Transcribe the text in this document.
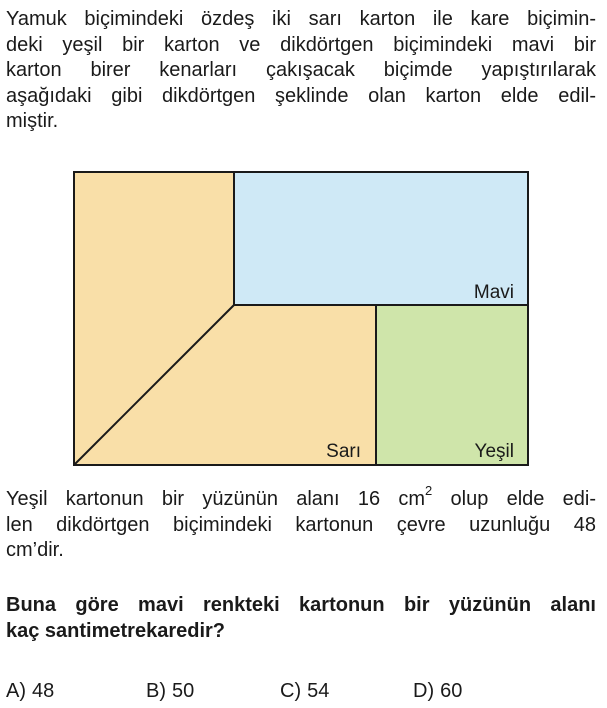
Yamuk biçimindeki özdeş iki sarı karton ile kare biçimin-
deki yeşil bir karton ve dikdörtgen biçimindeki mavi bir
karton birer kenarları çakışacak biçimde yapıştırılarak
aşağıdaki gibi dikdörtgen şeklinde olan karton elde edil-
miştir.
Mavi
Sarı	Yeşil
Yeşil kartonun bir yüzünün alanı 16 $cm^2$ olup elde edi-
len dikdörtgen biçimindeki kartonun çevre uzunluğu 48
cm’dir.
Buna göre mavi renkteki kartonun bir yüzünün alanı
kaç santimetrekaredir?
A) 48	B) 50	C) 54	D) 60
